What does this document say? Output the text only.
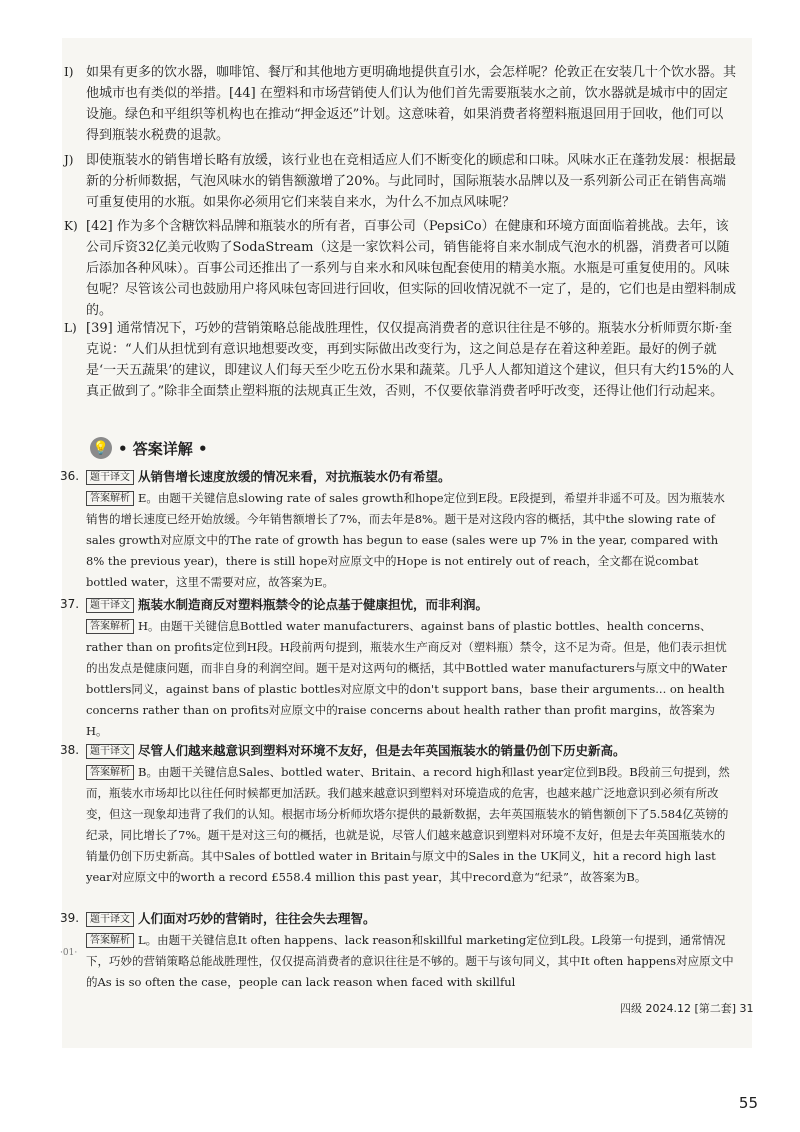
I) 如果有更多的饮水器，咖啡馆、餐厅和其他地方更明确地提供直引水，会怎样呢？伦敦正在安装几十个饮水器。其他城市也有类似的举措。[44] 在塑料和市场营销使人们认为他们首先需要瓶装水之前，饮水器就是城市中的固定设施。绿色和平组织等机构也在推动“押金返还”计划。这意味着，如果消费者将塑料瓶退回用于回收，他们可以得到瓶装水税费的退款。
J) 即使瓶装水的销售增长略有放缓，该行业也在竞相适应人们不断变化的顾虑和口味。风味水正在蓬勃发展：根据最新的分析师数据，气泡风味水的销售额激增了20%。与此同时，国际瓶装水品牌以及一系列新公司正在销售高端可重复使用的水瓶。如果你必须用它们来装自来水，为什么不加点风味呢？
K) [42] 作为多个含糖饮料品牌和瓶装水的所有者，百事公司（PepsiCo）在健康和环境方面面临着挑战。去年，该公司斥资32亿美元收购了SodaStream（这是一家饮料公司，销售能将自来水制成气泡水的机器，消费者可以随后添加各种风味）。百事公司还推出了一系列与自来水和风味包配套使用的精美水瓶。水瓶是可重复使用的。风味包呢？尽管该公司也鼓励用户将风味包寄回进行回收，但实际的回收情况就不一定了，是的，它们也是由塑料制成的。
L) [39] 通常情况下，巧妙的营销策略总能战胜理性，仅仅提高消费者的意识往往是不够的。瓶装水分析师贾尔斯·奎克说：“人们从担忧到有意识地想要改变，再到实际做出改变行为，这之间总是存在着这种差距。最好的例子就是‘一天五蔬果’的建议，即建议人们每天至少吃五份水果和蔬菜。几乎人人都知道这个建议，但只有大约15%的人真正做到了。”除非全面禁止塑料瓶的法规真正生效，否则，不仅要依靠消费者呼吁改变，还得让他们行动起来。
💡 • 答案详解 •
36.	题干译文 从销售增长速度放缓的情况来看，对抗瓶装水仍有希望。
答案解析 E。由题干关键信息slowing rate of sales growth和hope定位到E段。E段提到，希望并非遥不可及。因为瓶装水销售的增长速度已经开始放缓。今年销售额增长了7%，而去年是8%。题干是对这段内容的概括，其中the slowing rate of sales growth对应原文中的The rate of growth has begun to ease (sales were up 7% in the year, compared with 8% the previous year)，there is still hope对应原文中的Hope is not entirely out of reach，全文都在说combat bottled water，这里不需要对应，故答案为E。
37.	题干译文 瓶装水制造商反对塑料瓶禁令的论点基于健康担忧，而非利润。
答案解析 H。由题干关键信息Bottled water manufacturers、against bans of plastic bottles、health concerns、rather than on profits定位到H段。H段前两句提到，瓶装水生产商反对（塑料瓶）禁令，这不足为奇。但是，他们表示担忧的出发点是健康问题，而非自身的利润空间。题干是对这两句的概括，其中Bottled water manufacturers与原文中的Water bottlers同义，against bans of plastic bottles对应原文中的don't support bans，base their arguments... on health concerns rather than on profits对应原文中的raise concerns about health rather than profit margins，故答案为H。
38.	题干译文 尽管人们越来越意识到塑料对环境不友好，但是去年英国瓶装水的销量仍创下历史新高。
答案解析 B。由题干关键信息Sales、bottled water、Britain、a record high和last year定位到B段。B段前三句提到，然而，瓶装水市场却比以往任何时候都更加活跃。我们越来越意识到塑料对环境造成的危害，也越来越广泛地意识到必须有所改变，但这一现象却违背了我们的认知。根据市场分析师坎塔尔提供的最新数据，去年英国瓶装水的销售额创下了5.584亿英镑的纪录，同比增长了7%。题干是对这三句的概括，也就是说，尽管人们越来越意识到塑料对环境不友好，但是去年英国瓶装水的销量仍创下历史新高。其中Sales of bottled water in Britain与原文中的Sales in the UK同义，hit a record high last year对应原文中的worth a record £558.4 million this past year，其中record意为“纪录”，故答案为B。
39.	题干译文 人们面对巧妙的营销时，往往会失去理智。
答案解析 L。由题干关键信息It often happens、lack reason和skillful marketing定位到L段。L段第一句提到，通常情况下，巧妙的营销策略总能战胜理性，仅仅提高消费者的意识往往是不够的。题干与该句同义，其中It often happens对应原文中的As is so often the case，people can lack reason when faced with skillful
·01·
四级 2024.12 [第二套] 31
55
